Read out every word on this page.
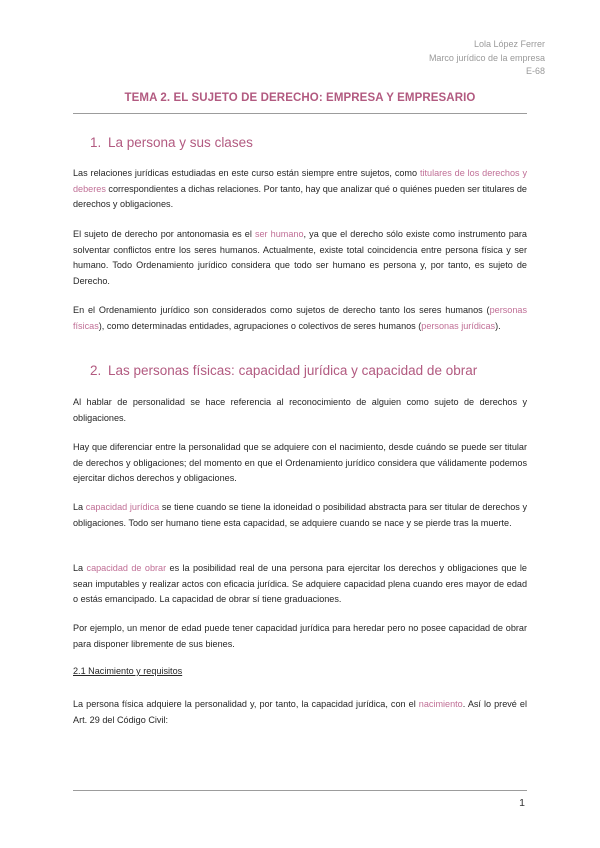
Lola López Ferrer
Marco jurídico de la empresa
E-68
TEMA 2. EL SUJETO DE DERECHO: EMPRESA Y EMPRESARIO
1. La persona y sus clases
Las relaciones jurídicas estudiadas en este curso están siempre entre sujetos, como titulares de los derechos y deberes correspondientes a dichas relaciones. Por tanto, hay que analizar qué o quiénes pueden ser titulares de derechos y obligaciones.
El sujeto de derecho por antonomasia es el ser humano, ya que el derecho sólo existe como instrumento para solventar conflictos entre los seres humanos. Actualmente, existe total coincidencia entre persona física y ser humano. Todo Ordenamiento jurídico considera que todo ser humano es persona y, por tanto, es sujeto de Derecho.
En el Ordenamiento jurídico son considerados como sujetos de derecho tanto los seres humanos (personas físicas), como determinadas entidades, agrupaciones o colectivos de seres humanos (personas jurídicas).
2. Las personas físicas: capacidad jurídica y capacidad de obrar
Al hablar de personalidad se hace referencia al reconocimiento de alguien como sujeto de derechos y obligaciones.
Hay que diferenciar entre la personalidad que se adquiere con el nacimiento, desde cuándo se puede ser titular de derechos y obligaciones; del momento en que el Ordenamiento jurídico considera que válidamente podemos ejercitar dichos derechos y obligaciones.
La capacidad jurídica se tiene cuando se tiene la idoneidad o posibilidad abstracta para ser titular de derechos y obligaciones. Todo ser humano tiene esta capacidad, se adquiere cuando se nace y se pierde tras la muerte.
La capacidad de obrar es la posibilidad real de una persona para ejercitar los derechos y obligaciones que le sean imputables y realizar actos con eficacia jurídica. Se adquiere capacidad plena cuando eres mayor de edad o estás emancipado. La capacidad de obrar sí tiene graduaciones.
Por ejemplo, un menor de edad puede tener capacidad jurídica para heredar pero no posee capacidad de obrar para disponer libremente de sus bienes.
2.1 Nacimiento y requisitos
La persona física adquiere la personalidad y, por tanto, la capacidad jurídica, con el nacimiento. Así lo prevé el Art. 29 del Código Civil:
1
